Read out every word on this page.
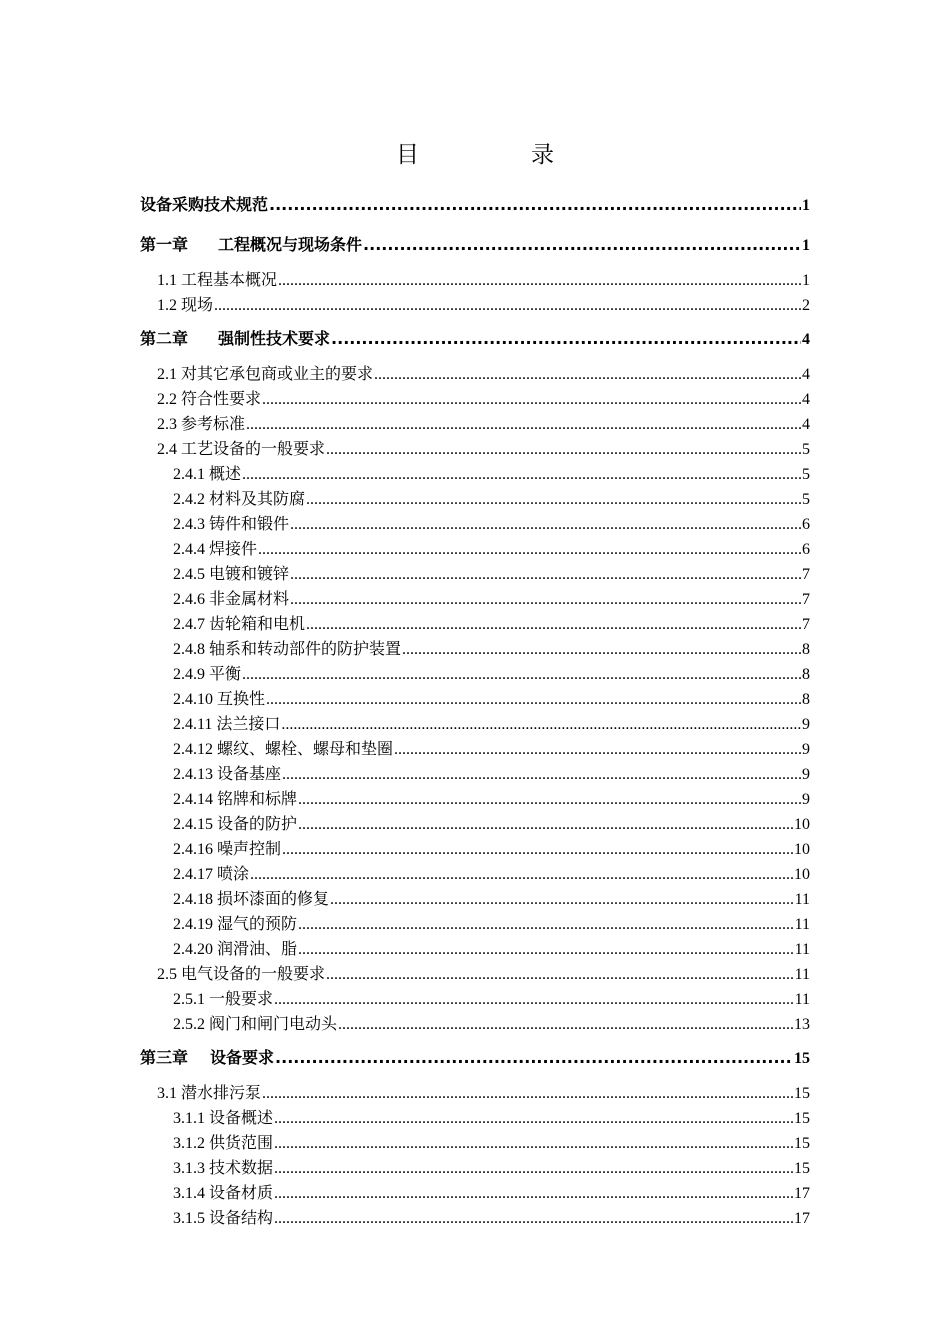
目	录
设备采购技术规范 .....	1
第一章 工程概况与现场条件 .....	1
1.1 工程基本概况 .....	1
1.2 现场 .....	2
第二章 强制性技术要求 .....	4
2.1 对其它承包商或业主的要求 .....	4
2.2 符合性要求 .....	4
2.3 参考标准 .....	4
2.4 工艺设备的一般要求 .....	5
2.4.1 概述 .....	5
2.4.2 材料及其防腐 .....	5
2.4.3 铸件和锻件 .....	6
2.4.4 焊接件 .....	6
2.4.5 电镀和镀锌 .....	7
2.4.6 非金属材料 .....	7
2.4.7 齿轮箱和电机 .....	7
2.4.8 轴系和转动部件的防护装置 .....	8
2.4.9 平衡 .....	8
2.4.10 互换性 .....	8
2.4.11 法兰接口 .....	9
2.4.12 螺纹、螺栓、螺母和垫圈 .....	9
2.4.13 设备基座 .....	9
2.4.14 铭牌和标牌 .....	9
2.4.15 设备的防护 .....	10
2.4.16 噪声控制 .....	10
2.4.17 喷涂 .....	10
2.4.18 损坏漆面的修复 .....	11
2.4.19 湿气的预防 .....	11
2.4.20 润滑油、脂 .....	11
2.5 电气设备的一般要求 .....	11
2.5.1 一般要求 .....	11
2.5.2 阀门和闸门电动头 .....	13
第三章 设备要求 .....	15
3.1 潜水排污泵 .....	15
3.1.1 设备概述 .....	15
3.1.2 供货范围 .....	15
3.1.3 技术数据 .....	15
3.1.4 设备材质 .....	17
3.1.5 设备结构 .....	17
